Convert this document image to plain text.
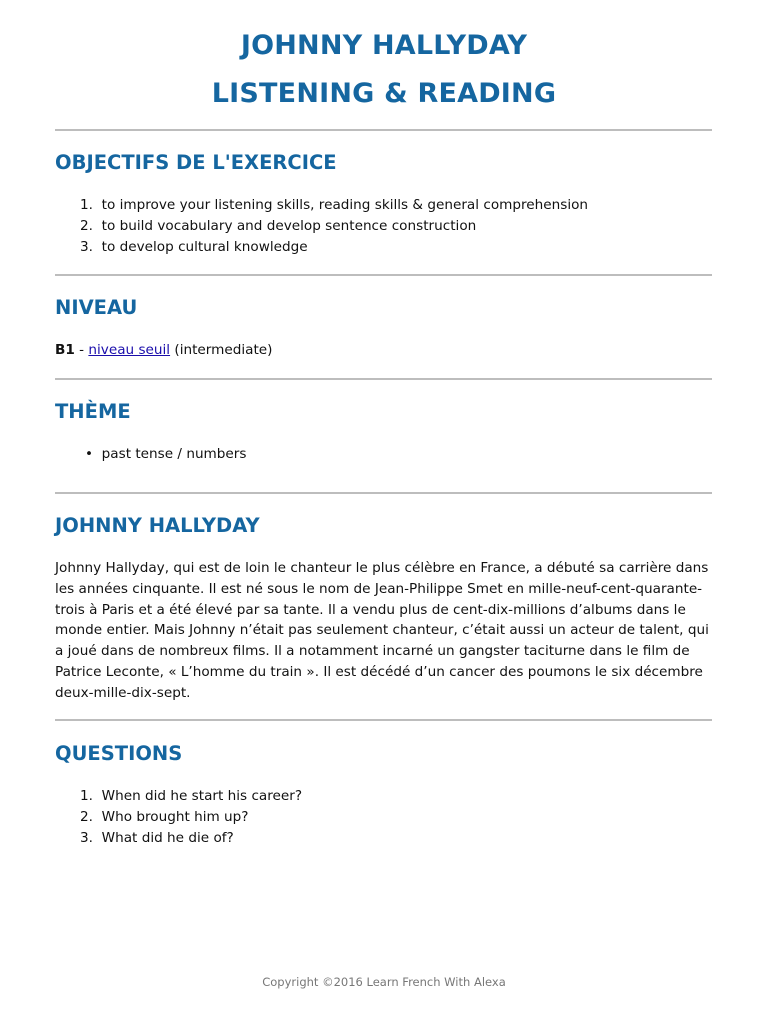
JOHNNY HALLYDAY
LISTENING & READING
OBJECTIFS DE L'EXERCICE
1. to improve your listening skills, reading skills & general comprehension
2. to build vocabulary and develop sentence construction
3. to develop cultural knowledge
NIVEAU
B1 - niveau seuil (intermediate)
THÈME
• past tense / numbers
JOHNNY HALLYDAY

Johnny Hallyday, qui est de loin le chanteur le plus célèbre en France, a débuté sa carrière dans les années cinquante. Il est né sous le nom de Jean-Philippe Smet en mille-neuf-cent-quarante-trois à Paris et a été élevé par sa tante. Il a vendu plus de cent-dix-millions d’albums dans le monde entier. Mais Johnny n’était pas seulement chanteur, c’était aussi un acteur de talent, qui a joué dans de nombreux films. Il a notamment incarné un gangster taciturne dans le film de Patrice Leconte, « L’homme du train ». Il est décédé d’un cancer des poumons le six décembre deux-mille-dix-sept.

QUESTIONS
1. When did he start his career?
2. Who brought him up?
3. What did he die of?
Copyright ©2016 Learn French With Alexa
